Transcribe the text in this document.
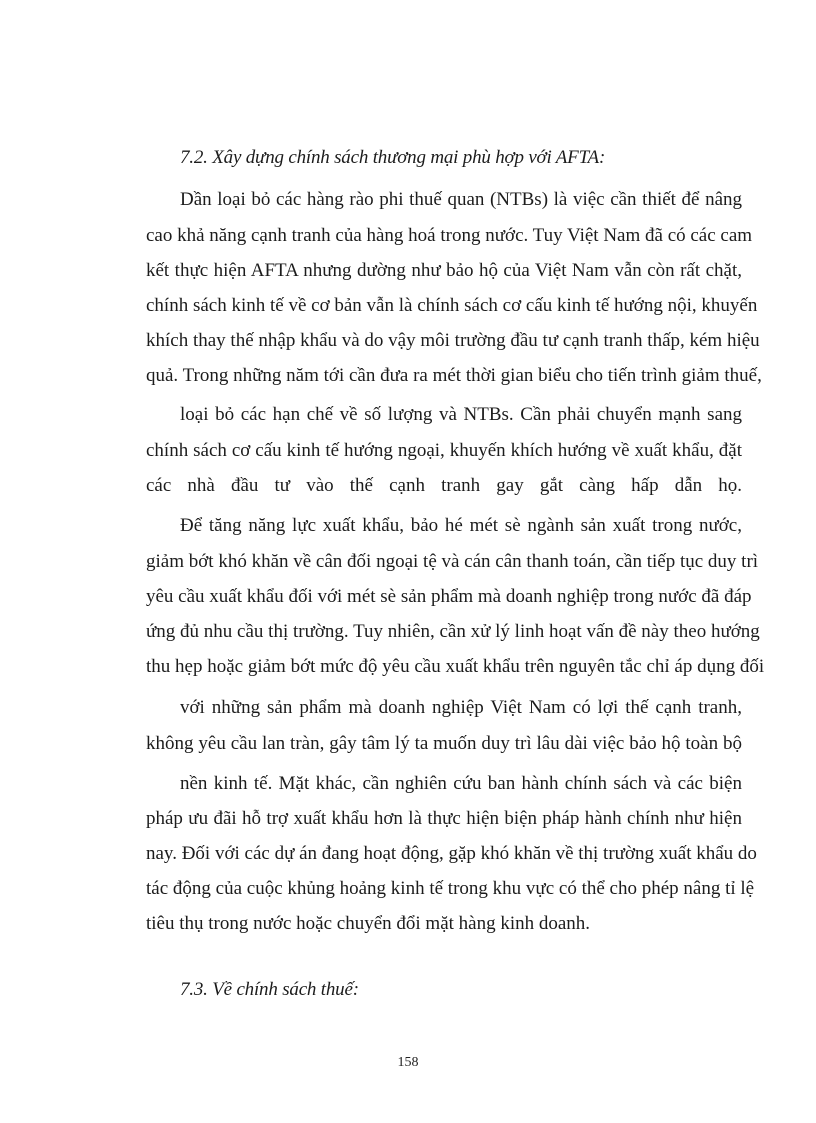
7.2. Xây dựng chính sách thương mại phù hợp với AFTA:
Dần loại bỏ các hàng rào phi thuế quan (NTBs) là việc cần thiết để nâng
cao khả năng cạnh tranh của hàng hoá trong nước. Tuy Việt Nam đã có các cam
kết thực hiện AFTA nhưng dường như bảo hộ của Việt Nam vẫn còn rất chặt,
chính sách kinh tế về cơ bản vẫn là chính sách cơ cấu kinh tế hướng nội, khuyến
khích thay thế nhập khẩu và do vậy môi trường đầu tư cạnh tranh thấp, kém hiệu
quả. Trong những năm tới cần đưa ra mét thời gian biểu cho tiến trình giảm thuế,
loại bỏ các hạn chế về số lượng và NTBs. Cần phải chuyển mạnh sang
chính sách cơ cấu kinh tế hướng ngoại, khuyến khích hướng về xuất khẩu, đặt
các nhà đầu tư vào thế cạnh tranh gay gắt càng hấp dẫn họ.
Để tăng năng lực xuất khẩu, bảo hé mét sè ngành sản xuất trong nước,
giảm bớt khó khăn về cân đối ngoại tệ và cán cân thanh toán, cần tiếp tục duy trì
yêu cầu xuất khẩu đối với mét sè sản phẩm mà doanh nghiệp trong nước đã đáp
ứng đủ nhu cầu thị trường. Tuy nhiên, cần xử lý linh hoạt vấn đề này theo hướng
thu hẹp hoặc giảm bớt mức độ yêu cầu xuất khẩu trên nguyên tắc chỉ áp dụng đối
với những sản phẩm mà doanh nghiệp Việt Nam có lợi thế cạnh tranh,
không yêu cầu lan tràn, gây tâm lý ta muốn duy trì lâu dài việc bảo hộ toàn bộ
nền kinh tế. Mặt khác, cần nghiên cứu ban hành chính sách và các biện
pháp ưu đãi hỗ trợ xuất khẩu hơn là thực hiện biện pháp hành chính như hiện
nay. Đối với các dự án đang hoạt động, gặp khó khăn về thị trường xuất khẩu do
tác động của cuộc khủng hoảng kinh tế trong khu vực có thể cho phép nâng tỉ lệ
tiêu thụ trong nước hoặc chuyển đổi mặt hàng kinh doanh.
7.3. Về chính sách thuế:
158
